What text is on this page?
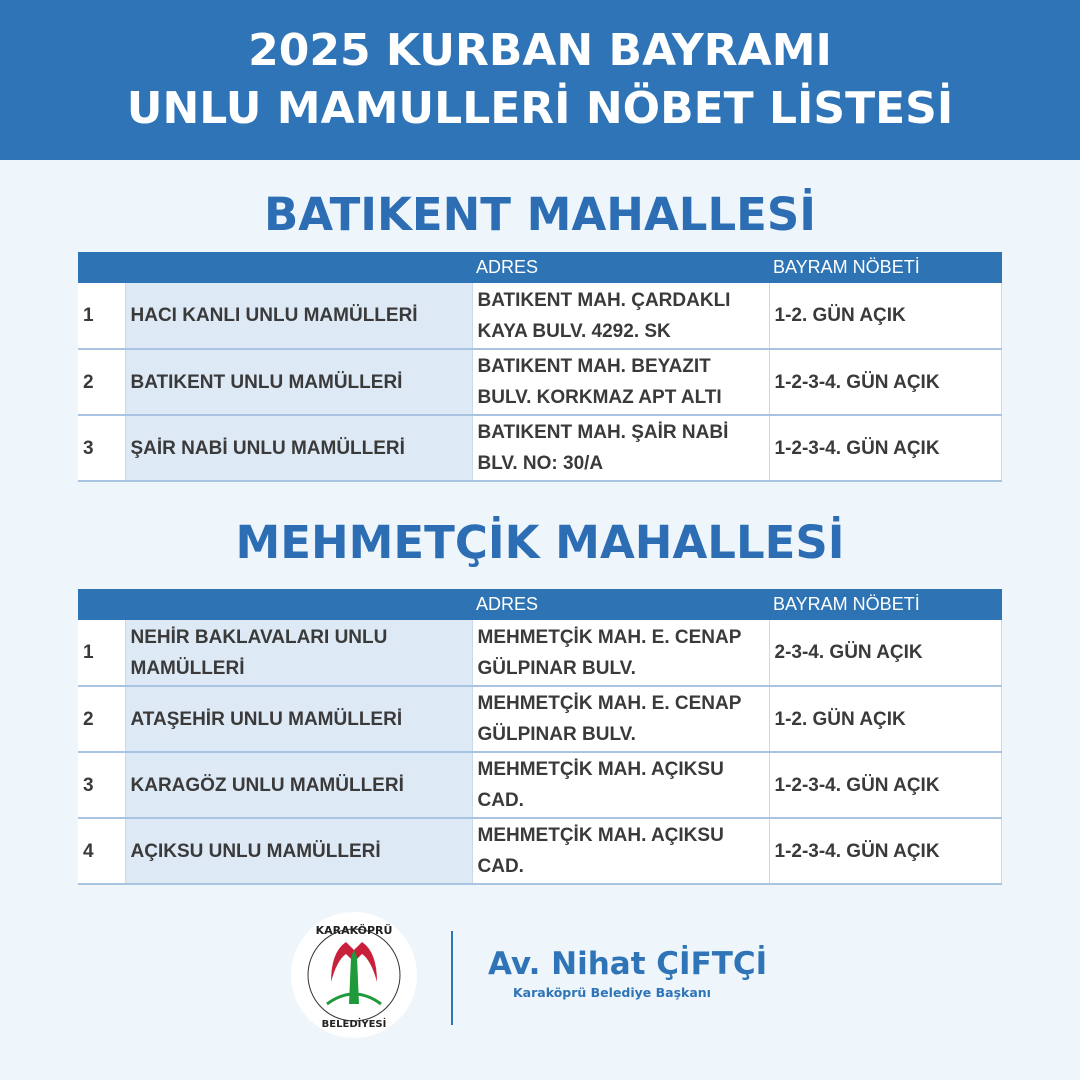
2025 KURBAN BAYRAMI
UNLU MAMULLERİ NÖBET LİSTESİ
BATIKENT MAHALLESİ
		ADRES	BAYRAM NÖBETİ
1	HACI KANLI UNLU MAMÜLLERİ	BATIKENT MAH. ÇARDAKLI KAYA BULV. 4292. SK	1-2. GÜN AÇIK
2	BATIKENT UNLU MAMÜLLERİ	BATIKENT MAH. BEYAZIT BULV. KORKMAZ APT ALTI	1-2-3-4. GÜN AÇIK
3	ŞAİR NABİ UNLU MAMÜLLERİ	BATIKENT MAH. ŞAİR NABİ BLV. NO: 30/A	1-2-3-4. GÜN AÇIK
MEHMETÇİK MAHALLESİ
		ADRES	BAYRAM NÖBETİ
1	NEHİR BAKLAVALARI UNLU MAMÜLLERİ	MEHMETÇİK MAH. E. CENAP GÜLPINAR BULV.	2-3-4. GÜN AÇIK
2	ATAŞEHİR UNLU MAMÜLLERİ	MEHMETÇİK MAH. E. CENAP GÜLPINAR BULV.	1-2. GÜN AÇIK
3	KARAGÖZ UNLU MAMÜLLERİ	MEHMETÇİK MAH. AÇIKSU CAD.	1-2-3-4. GÜN AÇIK
4	AÇIKSU UNLU MAMÜLLERİ	MEHMETÇİK MAH. AÇIKSU CAD.	1-2-3-4. GÜN AÇIK
KARAKÖPRÜ
BELEDİYESİ
Av. Nihat ÇİFTÇİ
Karaköprü Belediye Başkanı
